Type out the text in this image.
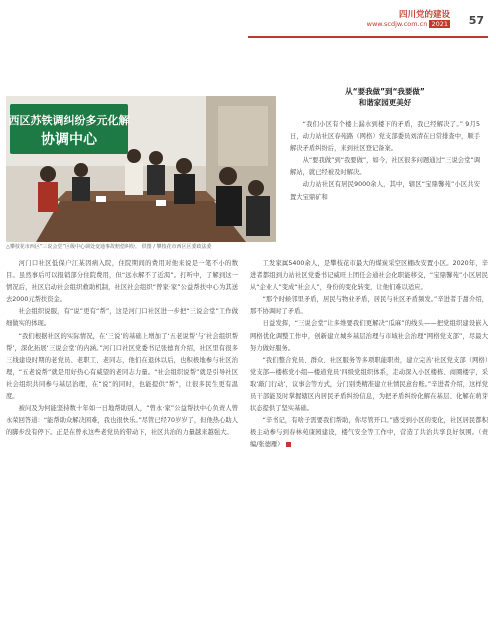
四川党的建设
www.scdjw.com.cn 2021 57
西区苏铁调纠纷多元化解
协调中心
△攀枝花市西区“三说会堂”区级中心调处变通事故赔偿纠纷。 供图 / 攀枝花市西区区委政法委
从“要我做”到“我要做”
和谐家园更美好

“我们小区有个楼上漏水到楼下的矛盾，我已经解决了。” 9月5日，动力站社区春苑路（网格）党支部委员刘清在日常排查中，顺手解决矛盾纠纷后，来到社区登记备案。

从“要我做”到“我要做”，如今，社区很多问题通过“三说会堂”调解站，就已经被及时解决。

动力站社区有居民9000余人，其中，辖区“宝鼎馨苑”小区共安置大宝鼎矿和

河门口社区低保户江某因病入院，住院期间的费用对他来说是一笔不小的数目。虽然事后可以报销部分住院费用，但“远水解不了近渴”。打听中，了解到这一情况后，社区启动社会组织救助机制，社区社会组织“曾家·家”公益帮扶中心为其送去2000元帮扶资金。

社会组织说服，有“说”更有“帮”，这是河门口社区进一步把“三说会堂”工作做细做实的体现。

“我们根据社区的实际情况，在‘三说’的基础上增加了‘五老说帮’与‘社会组织帮帮’，深化拓展‘三说会堂’的内涵。”河门口社区党委书记张德育介绍，社区里有很多三线建设时期的老党员、老职工、老同志，他们在退休以后，也积极地参与社区治理，“五老说帮”就是用好热心有威望的老同志力量。“社会组织说帮”就是引导社区社会组织共同参与基层治理，在“说”的同时，也能提供“帮”，让很多民生更有温度。

被问及为何能坚持数十年如一日地帮助别人，“曾永·家”公益帮扶中心负责人曾永荣回答道：“能帮助众解决困难，我也很快乐。”尽管已经70岁岁了，但他热心助人的脚步没有停下。正是在曾永这些老党员的带动下，社区共治的力量越来越强大。

工发家属5400余人，是攀枝花市最大的煤炭采空区棚改安置小区。2020年，辛进者都组到力站社区党委书记威旺上团任会通社会化职能移交，“宝鼎馨苑”小区居民从“企业人”变成“社会人”，身份的变化转变，让他们难以适应。

“那个时候邻里矛盾，居民与物业矛盾，居民与社区矛盾频发。”辛进者于甜介绍，那不协调时了矛盾。

日益发挥，“三说会堂”让多维要我们更解决“瓜麻”的线头——把党组织建设嵌入网格优化调整工作中，创新建立城乡基层治理与市域社会治理“网格党支部”，尽最大努力做好服务。

“我们整合党员、群众、社区服务等多项职能职责，建立完善‘社区党支部（网格）党支部—楼栋党小组—楼道党员’四级党组织体系，走动深入小区楼栋、商圈楼宇，采取‘敲门行动’，议事会等方式，分门别类精准建立社情民意台账。”辛进者介绍，这样党员干部能及时掌握辖区内居民矛盾纠纷信息，为把矛盾纠纷化解在基层、化解在萌芽状态提供了坚实基础。

“辛书记，有啥子需要我们帮助，你尽管开口。”感受到小区的变化，社区居民都积极主动参与到春林苑康园建设，楼气安全等工作中，营造了共治共享良好氛围。（责编/张德雁）
